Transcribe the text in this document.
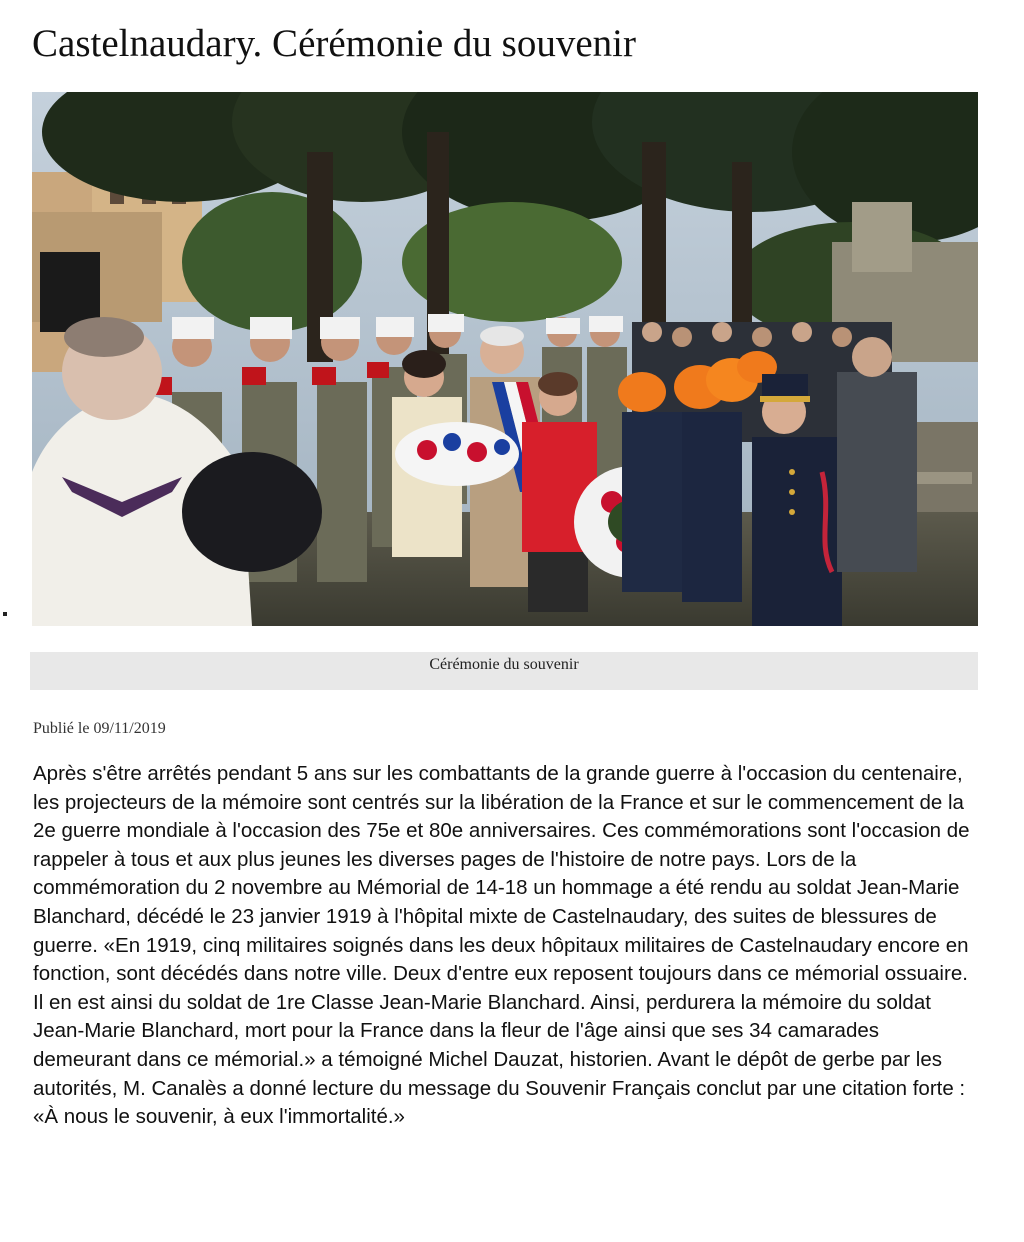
Castelnaudary. Cérémonie du souvenir
Cérémonie du souvenir
Publié le 09/11/2019

Après s'être arrêtés pendant 5 ans sur les combattants de la grande guerre à l'occasion du centenaire, les projecteurs de la mémoire sont centrés sur la libération de la France et sur le commencement de la 2e guerre mondiale à l'occasion des 75e et 80e anniversaires. Ces commémorations sont l'occasion de rappeler à tous et aux plus jeunes les diverses pages de l'histoire de notre pays. Lors de la commémoration du 2 novembre au Mémorial de 14-18 un hommage a été rendu au soldat Jean-Marie Blanchard, décédé le 23 janvier 1919 à l'hôpital mixte de Castelnaudary, des suites de blessures de guerre. «En 1919, cinq militaires soignés dans les deux hôpitaux militaires de Castelnaudary encore en fonction, sont décédés dans notre ville. Deux d'entre eux reposent toujours dans ce mémorial ossuaire. Il en est ainsi du soldat de 1re Classe Jean-Marie Blanchard. Ainsi, perdurera la mémoire du soldat Jean-Marie Blanchard, mort pour la France dans la fleur de l'âge ainsi que ses 34 camarades demeurant dans ce mémorial.» a témoigné Michel Dauzat, historien. Avant le dépôt de gerbe par les autorités, M. Canalès a donné lecture du message du Souvenir Français conclut par une citation forte : «À nous le souvenir, à eux l'immortalité.»
